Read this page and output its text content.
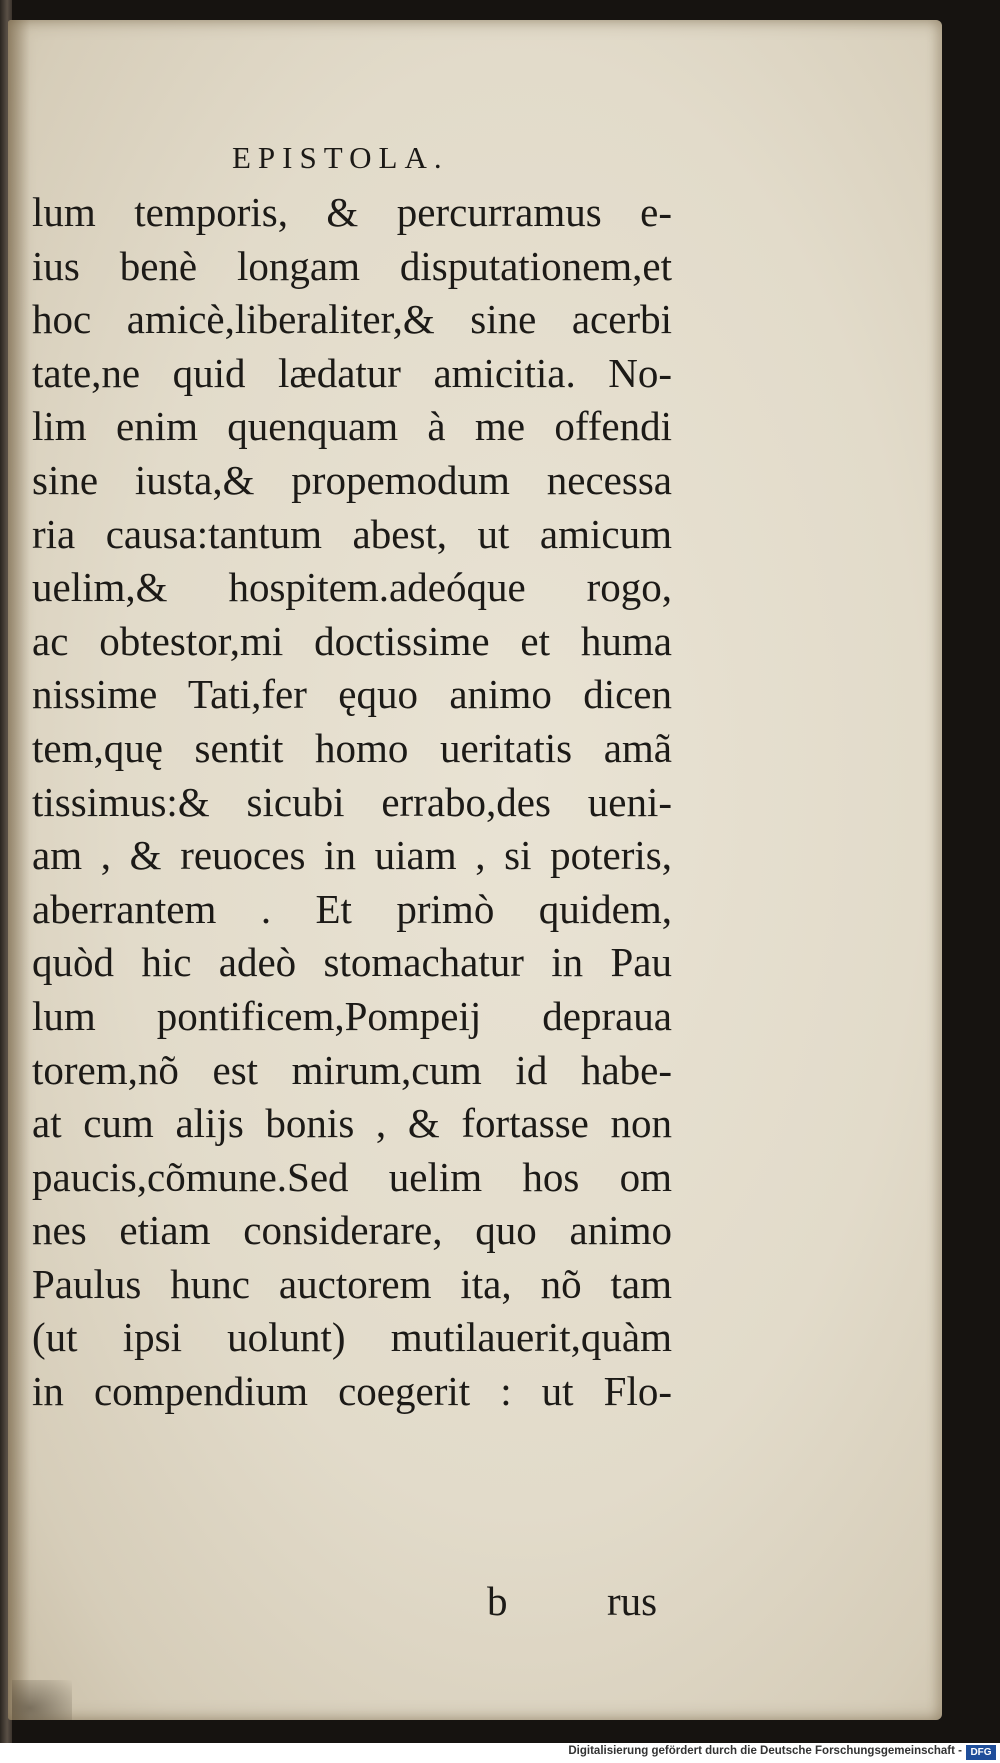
EPISTOLA.
lum temporis, & percurramus e-
ius benè longam disputationem,et
hoc amicè,liberaliter,& sine acerbi
tate,ne quid lædatur amicitia. No-
lim enim quenquam à me offendi
sine iusta,& propemodum necessa
ria causa:tantum abest, ut amicum
uelim,& hospitem.adeóque rogo,
ac obtestor,mi doctissime et huma
nissime Tati,fer ęquo animo dicen
tem,quę sentit homo ueritatis amã
tissimus:& sicubi errabo,des ueni-
am , & reuoces in uiam , si poteris,
aberrantem . Et primò quidem,
quòd hic adeò stomachatur in Pau
lum pontificem,Pompeij deprauа
torem,nõ est mirum,cum id habe-
at cum alijs bonis , & fortasse non
paucis,cõmune.Sed uelim hos om
nes etiam considerare, quo animo
Paulus hunc auctorem ita, nõ tam
(ut ipsi uolunt) mutilauerit,quàm
in compendium coegerit : ut Flo-
b rus
Digitalisierung gefördert durch die Deutsche Forschungsgemeinschaft - DFG
